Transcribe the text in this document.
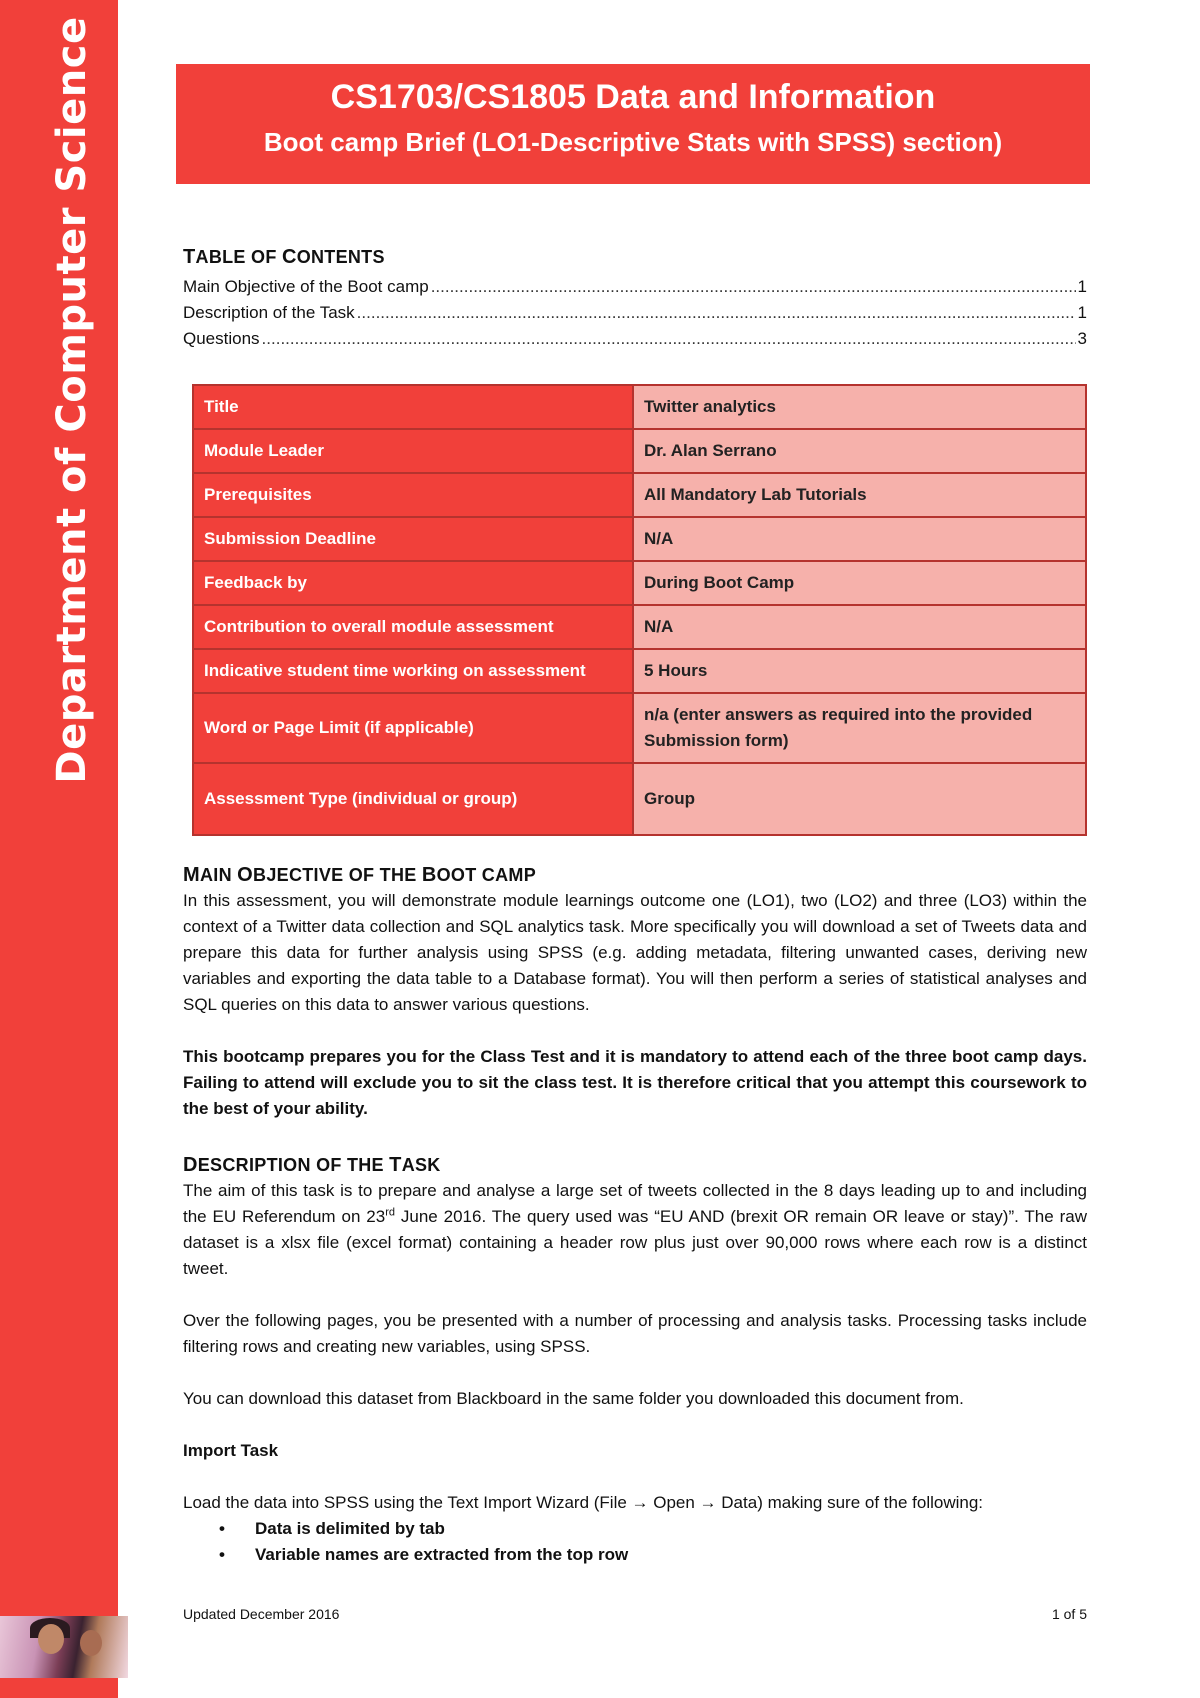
Department of Computer Science	CS1703/CS1805 Data and Information
Boot camp Brief (LO1-Descriptive Stats with SPSS) section)
TABLE OF CONTENTS
Main Objective of the Boot camp .....	1
Description of the Task .....	1
Questions .....	3
Title	Twitter analytics
Module Leader	Dr. Alan Serrano
Prerequisites	All Mandatory Lab Tutorials
Submission Deadline	N/A
Feedback by	During Boot Camp
Contribution to overall module assessment	N/A
Indicative student time working on assessment	5 Hours
Word or Page Limit (if applicable)	n/a (enter answers as required into the provided Submission form)
Assessment Type (individual or group)	Group
MAIN OBJECTIVE OF THE BOOT CAMP

In this assessment, you will demonstrate module learnings outcome one (LO1), two (LO2) and three (LO3) within the context of a Twitter data collection and SQL analytics task. More specifically you will download a set of Tweets data and prepare this data for further analysis using SPSS (e.g. adding metadata, filtering unwanted cases, deriving new variables and exporting the data table to a Database format). You will then perform a series of statistical analyses and SQL queries on this data to answer various questions.

This bootcamp prepares you for the Class Test and it is mandatory to attend each of the three boot camp days. Failing to attend will exclude you to sit the class test. It is therefore critical that you attempt this coursework to the best of your ability.

DESCRIPTION OF THE TASK

The aim of this task is to prepare and analyse a large set of tweets collected in the 8 days leading up to and including the EU Referendum on 23rd June 2016. The query used was “EU AND (brexit OR remain OR leave or stay)”. The raw dataset is a xlsx file (excel format) containing a header row plus just over 90,000 rows where each row is a distinct tweet.

Over the following pages, you be presented with a number of processing and analysis tasks. Processing tasks include filtering rows and creating new variables, using SPSS.

You can download this dataset from Blackboard in the same folder you downloaded this document from.

Import Task

Load the data into SPSS using the Text Import Wizard (File → Open → Data) making sure of the following:

• Data is delimited by tab
• Variable names are extracted from the top row
Updated December 2016	1 of 5
